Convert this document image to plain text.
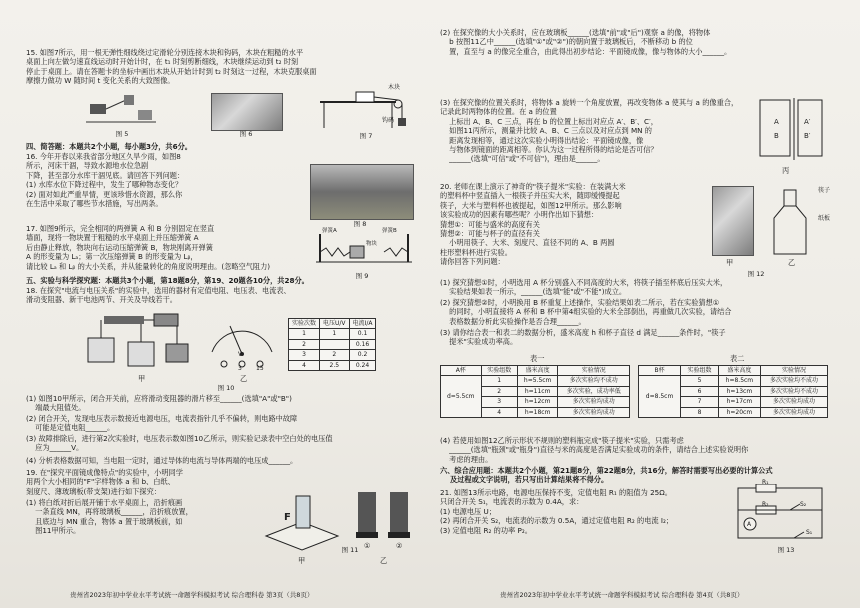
15. 如图7所示，用一根无弹性细线绕过定滑轮分别连接木块和钩码，木块在粗糙的水平
桌面上向左做匀速直线运动时开始计时，在 t₁ 时刻剪断细线，木块继续运动到 t₂ 时刻
停止于桌面上。请在答题卡的坐标中画出木块从开始计时到 t₂ 时刻这一过程，木块克服桌面
摩擦力做功 W 随时间 t 变化关系的大致图像。
图 5	图 6
木块
钩码
图 7
四、简答题：本题共2个小题，每小题3分，共6分。
16. 今年开春以来我省部分地区久旱少雨，如图8
所示，河床干涸，导致水源地水位急剧
下降，甚至部分水库干涸见底。请回答下列问题：
(1) 水库水位下降过程中，发生了哪种物态变化？
(2) 面对如此严重旱情，更该珍惜水资源，那么你
在生活中采取了哪些节水措施，写出两条。
图 8
17. 如图9所示，完全相同的两弹簧 A 和 B 分别固定在竖直
墙面，现将一物块置于粗糙的水平桌面上并压缩弹簧 A
后由静止释放，物块向右运动压缩弹簧 B，物块刚离开弹簧
A 的形变量为 Lₐ；第一次压缩弹簧 B 的形变量为 Lᵦ，
请比较 Lₐ 和 Lᵦ 的大小关系，并从能量转化的角度说明理由。(忽略空气阻力)
弹簧A	弹簧B
物块
图 9
五、实验与科学探究题：本题共3个小题，第18题8分，第19、20题各10分，共28分。
18. 在探究"电流与电压关系"的实验中，选用的器材有定值电阻、电压表、电流表、
滑动变阻器、新干电池两节、开关及导线若干。
甲
V
3	15
乙
实验次数	电压U/V	电流I/A
1	1	0.1
2		0.16
3	2	0.2
4	2.5	0.24
图 10
(1) 如图10甲所示，闭合开关前，应将滑动变阻器的滑片移至______(选填"A"或"B")
端最大阻值处。
(2) 闭合开关，发现电压表示数接近电源电压，电流表指针几乎不偏转，则电路中故障
可能是定值电阻______。
(3) 故障排除后，进行第2次实验时，电压表示数如图10乙所示，则实验记录表中空白处的电压值
应为______V。
(4) 分析表格数据可知，当电阻一定时，通过导体的电流与导体两端的电压成______。
19. 在"探究平面镜成像特点"的实验中，小明同学
用两个大小相同的"F"字样物体 a 和 b、白纸、
刻度尺、薄玻璃板(带支架)进行如下探究：
(1) 将白纸对折后展开铺于水平桌面上，沿折痕画
一条直线 MN，再将玻璃板______，沿折痕放置，
且底边与 MN 重合，物体 a 置于玻璃板前，如
图11甲所示。
F
甲
①	②
乙
图 11
(2) 在探究像的大小关系时，应在玻璃板______(选填"前"或"后")观察 a 的像，将物体
b 按图11乙中______(选填"①"或"②")的朝向置于玻璃板后，不断移动 b 的位
置，直至与 a 的像完全重合，由此得出初步结论：平面镜成像，像与物体的大小______。
(3) 在探究像的位置关系时，将物体 a 旋转一个角度放置，再改变物体 a 使其与 a 的像重合，记录此时两物体的位置。在 a 的位置
上标出 A、B、C 三点，再在 b 的位置上标出对应点 A′、B′、C′，
如图11丙所示，测量并比较 A、B、C 三点以及对应点到 MN 的
距离发现相等，通过这次实验小明得出结论：平面镜成像，像
与物体到镜面的距离相等。你认为这一过程所得的结论是否可信？
______(选填"可信"或"不可信")，理由是______。
A
B
A′
B′
丙
20. 老师在课上演示了神奇的"筷子提米"实验：在装满大米
的塑料杯中竖直插入一根筷子并压实大米，随即缓慢提起
筷子，大米与塑料杯也被提起，如图12甲所示。那么影响
该实验成功的因素有哪些呢？小明作出如下猜想：
猜想①：可能与盛米的高度有关
猜想②：可能与杯子的直径有关
小明用筷子、大米、刻度尺、直径不同的 A、B 两圆
柱形塑料杯进行实验。
请你回答下列问题：	甲
筷子
纸板
乙
图 12
(1) 探究猜想①时，小明选用 A 杯分别盛入不同高度的大米，将筷子插至杯底后压实大米，
实验结果如表一所示，______(选填"能"或"不能")成立。
(2) 探究猜想②时，小明换用 B 杯重复上述操作，实验结果如表二所示，若在实验猜想①
的同时，小明直接将 A 杯和 B 杯中第4组实验的大米全部倒出，再重做几次实验，请结合
表格数据分析此实验操作是否合理______。
(3) 请你结合表一和表二的数据分析，盛米高度 h 和杯子直径 d 满足______条件时，"筷子
提米"实验成功率高。
表一	表二
A杯	实验组数	盛米高度	实验情况
d=5.5cm	1	h=5.5cm	多次实验均不成功
	2	h=11cm	多次实验，成功率低
	3	h=12cm	多次实验均成功
	4	h=18cm	多次实验均成功
B杯	实验组数	盛米高度	实验情况
d=8.5cm	5	h=8.5cm	多次实验均不成功
	6	h=13cm	多次实验均不成功
	7	h=17cm	多次实验均成功
	8	h=20cm	多次实验均成功
(4) 若使用如图12乙所示形状不规则的塑料瓶完成"筷子提米"实验，只需考虑
______(选填"瓶颈"或"瓶身")直径与米的高度是否满足实验成功的条件，请结合上述实验说明你
考虑的理由。
六、综合应用题：本题共2个小题，第21题8分，第22题8分，共16分，解答时需要写出必要的计算公式
及过程或文字说明，若只写出计算结果将不得分。
21. 如图13所示电路，电源电压保持不变，定值电阻 R₁ 的阻值为 25Ω。
只闭合开关 S₁，电流表的示数为 0.4A，求：
(1) 电源电压 U；
(2) 再闭合开关 S₂，电流表的示数为 0.5A，通过定值电阻 R₂ 的电流 I₂；
(3) 定值电阻 R₂ 的功率 P₂。
R₁
R₂	S₂
S₁
A
图 13
贵州省2023年初中学业水平考试统一命题学科模拟考试 综合理科卷 第3页（共8页）	贵州省2023年初中学业水平考试统一命题学科模拟考试 综合理科卷 第4页（共8页）
